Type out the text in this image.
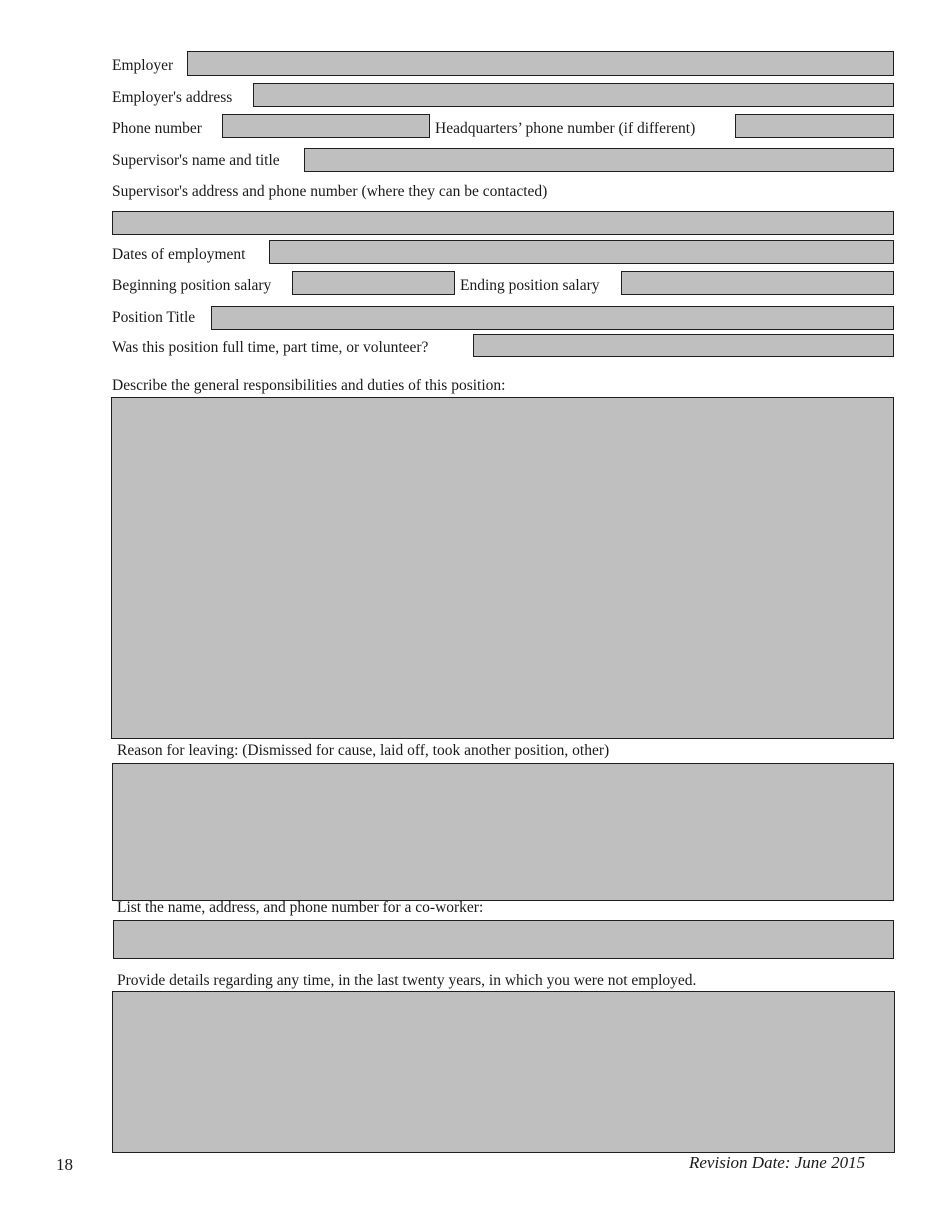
Employer
Employer's address
Phone number	Headquarters’ phone number (if different)
Supervisor's name and title
Supervisor's address and phone number (where they can be contacted)
Dates of employment
Beginning position salary	Ending position salary
Position Title
Was this position full time, part time, or volunteer?
Describe the general responsibilities and duties of this position:
Reason for leaving: (Dismissed for cause, laid off, took another position, other)
List the name, address, and phone number for a co-worker:
Provide details regarding any time, in the last twenty years, in which you were not employed.
18	Revision Date: June 2015
